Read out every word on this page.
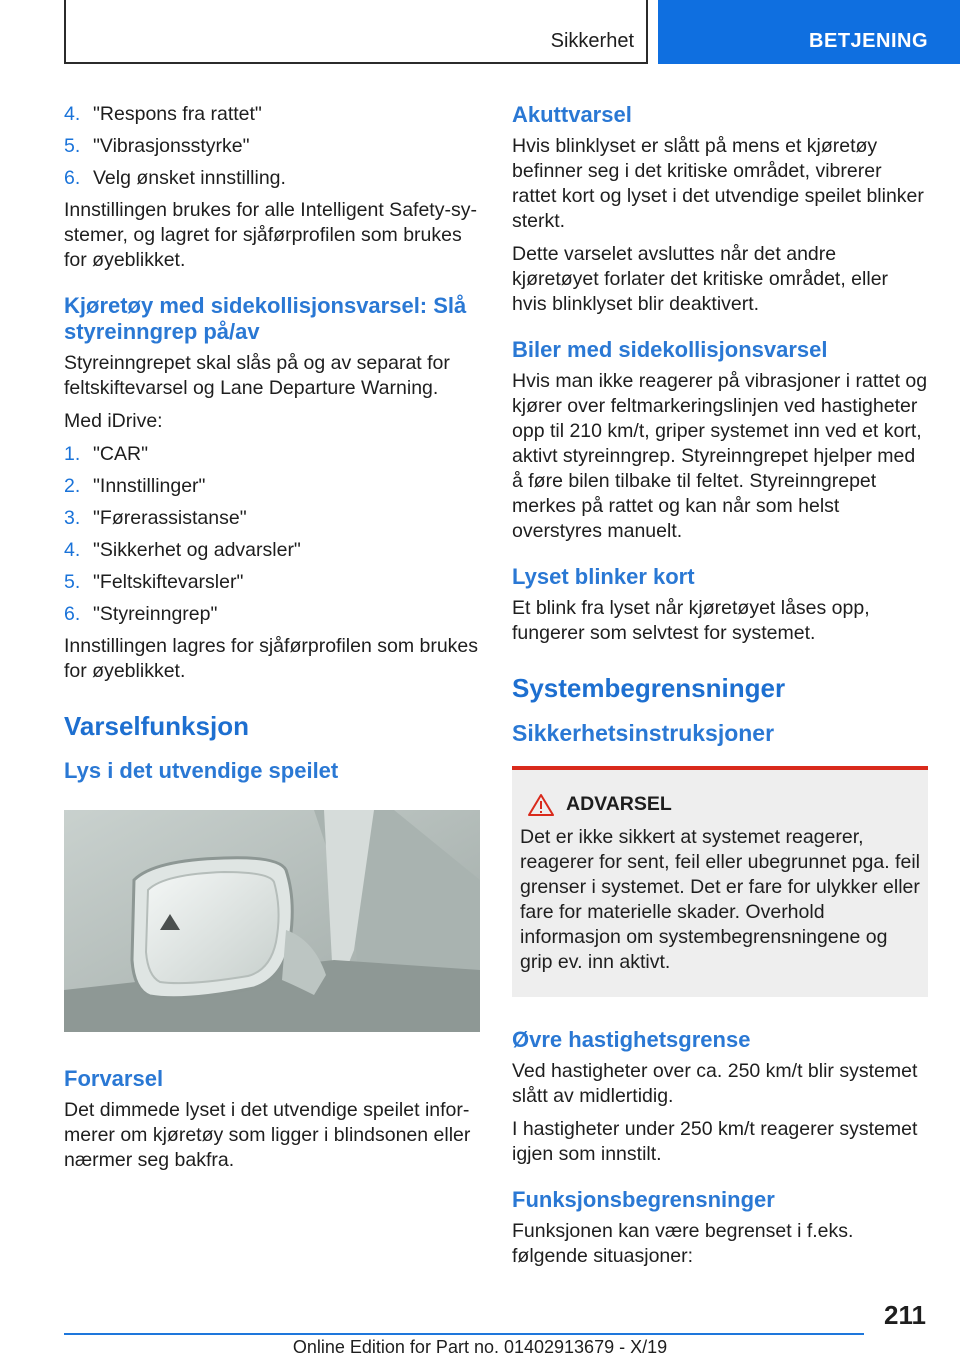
Sikkerhet	BETJENING
4. "Respons fra rattet"
5. "Vibrasjonsstyrke"
6. Velg ønsket innstilling.

Innstillingen brukes for alle Intelligent Safety-systemer, og lagret for sjåførprofilen som brukes for øyeblikket.

Kjøretøy med sidekollisjonsvarsel: Slå styreinngrep på/av

Styreinngrepet skal slås på og av separat for feltskiftevarsel og Lane Departure Warning.

Med iDrive:

1. "CAR"
2. "Innstillinger"
3. "Førerassistanse"
4. "Sikkerhet og advarsler"
5. "Feltskiftevarsler"
6. "Styreinngrep"

Innstillingen lagres for sjåførprofilen som brukes for øyeblikket.

Varselfunksjon
Lys i det utvendige speilet
Forvarsel

Det dimmede lyset i det utvendige speilet informerer om kjøretøy som ligger i blindsonen eller nærmer seg bakfra.

Akuttvarsel

Hvis blinklyset er slått på mens et kjøretøy befinner seg i det kritiske området, vibrerer rattet kort og lyset i det utvendige speilet blinker sterkt.

Dette varselet avsluttes når det andre kjøretøyet forlater det kritiske området, eller hvis blinklyset blir deaktivert.

Biler med sidekollisjonsvarsel

Hvis man ikke reagerer på vibrasjoner i rattet og kjører over feltmarkeringslinjen ved hastigheter opp til 210 km/t, griper systemet inn ved et kort, aktivt styreinngrep. Styreinngrepet hjelper med å føre bilen tilbake til feltet. Styreinngrepet merkes på rattet og kan når som helst overstyres manuelt.

Lyset blinker kort

Et blink fra lyset når kjøretøyet låses opp, fungerer som selvtest for systemet.

Systembegrensninger
Sikkerhetsinstruksjoner
ADVARSEL

Det er ikke sikkert at systemet reagerer, reagerer for sent, feil eller ubegrunnet pga. feil grenser i systemet. Det er fare for ulykker eller fare for materielle skader. Overhold informasjon om systembegrensningene og grip ev. inn aktivt.

Øvre hastighetsgrense

Ved hastigheter over ca. 250 km/t blir systemet slått av midlertidig.

I hastigheter under 250 km/t reagerer systemet igjen som innstilt.

Funksjonsbegrensninger

Funksjonen kan være begrenset i f.eks. følgende situasjoner:

211
Online Edition for Part no. 01402913679 - X/19
